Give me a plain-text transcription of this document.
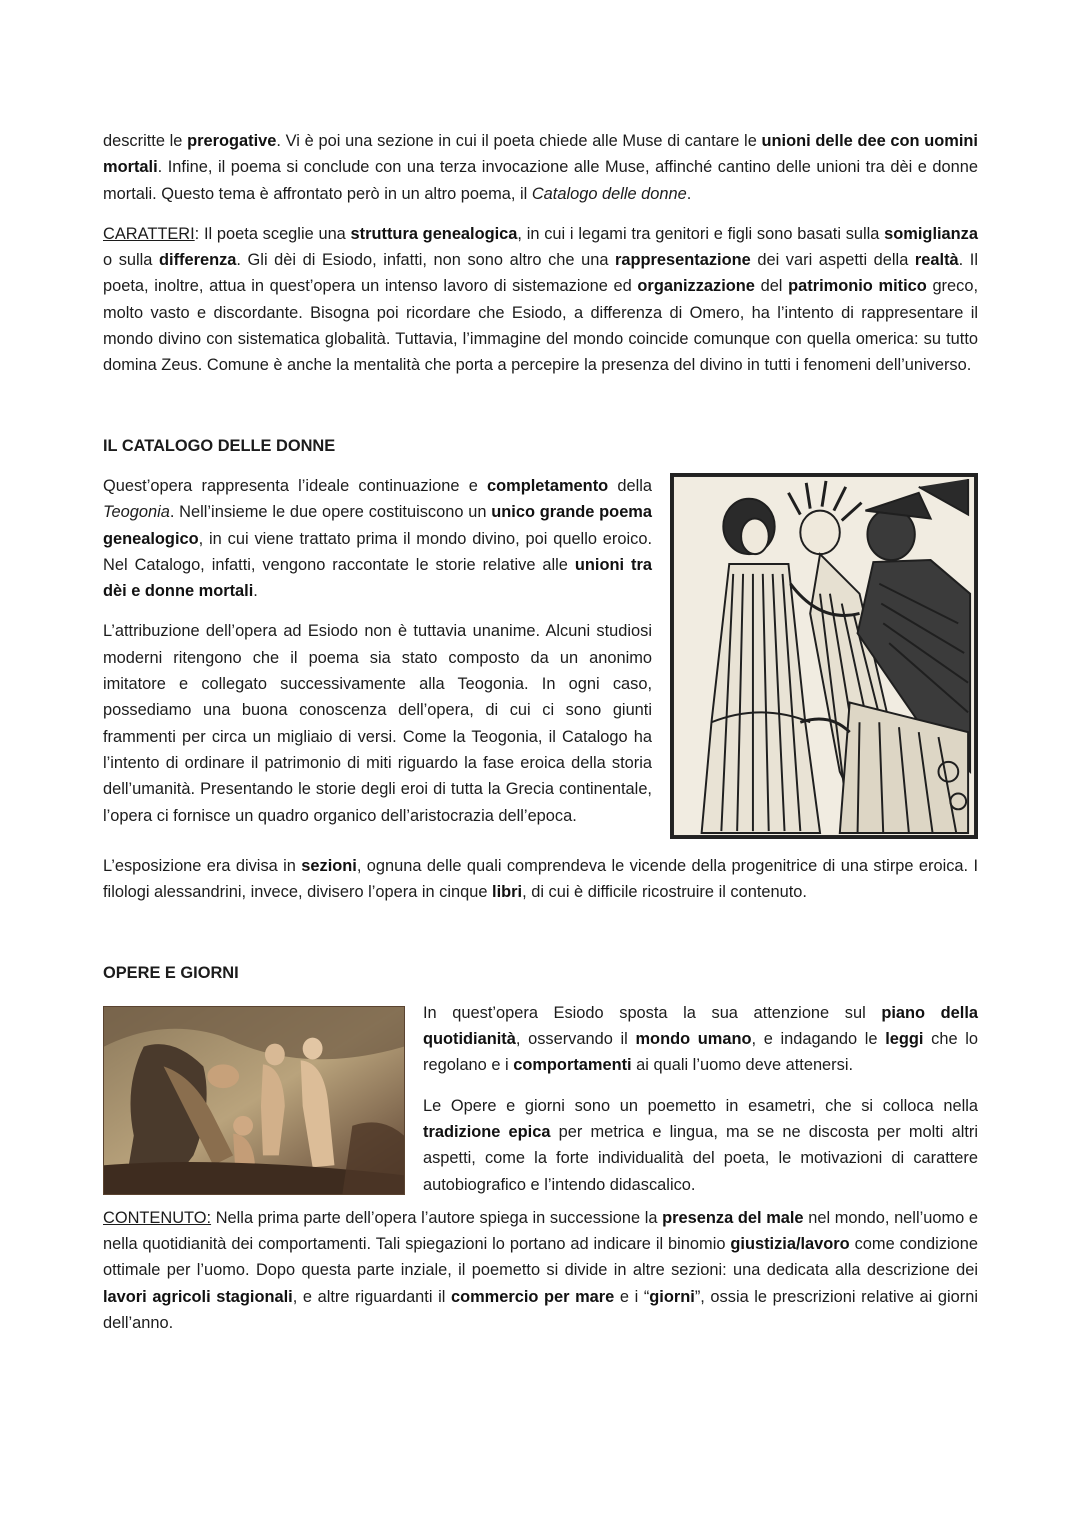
descritte le prerogative. Vi è poi una sezione in cui il poeta chiede alle Muse di cantare le unioni delle dee con uomini mortali. Infine, il poema si conclude con una terza invocazione alle Muse, affinché cantino delle unioni tra dèi e donne mortali. Questo tema è affrontato però in un altro poema, il Catalogo delle donne.

CARATTERI: Il poeta sceglie una struttura genealogica, in cui i legami tra genitori e figli sono basati sulla somiglianza o sulla differenza. Gli dèi di Esiodo, infatti, non sono altro che una rappresentazione dei vari aspetti della realtà. Il poeta, inoltre, attua in quest’opera un intenso lavoro di sistemazione ed organizzazione del patrimonio mitico greco, molto vasto e discordante. Bisogna poi ricordare che Esiodo, a differenza di Omero, ha l’intento di rappresentare il mondo divino con sistematica globalità. Tuttavia, l’immagine del mondo coincide comunque con quella omerica: su tutto domina Zeus. Comune è anche la mentalità che porta a percepire la presenza del divino in tutti i fenomeni dell’universo.

IL CATALOGO DELLE DONNE

Quest’opera rappresenta l’ideale continuazione e completamento della Teogonia. Nell’insieme le due opere costituiscono un unico grande poema genealogico, in cui viene trattato prima il mondo divino, poi quello eroico. Nel Catalogo, infatti, vengono raccontate le storie relative alle unioni tra dèi e donne mortali.

L’attribuzione dell’opera ad Esiodo non è tuttavia unanime. Alcuni studiosi moderni ritengono che il poema sia stato composto da un anonimo imitatore e collegato successivamente alla Teogonia. In ogni caso, possediamo una buona conoscenza dell’opera, di cui ci sono giunti frammenti per circa un migliaio di versi. Come la Teogonia, il Catalogo ha l’intento di ordinare il patrimonio di miti riguardo la fase eroica della storia dell’umanità. Presentando le storie degli eroi di tutta la Grecia continentale, l’opera ci fornisce un quadro organico dell’aristocrazia dell’epoca.

L’esposizione era divisa in sezioni, ognuna delle quali comprendeva le vicende della progenitrice di una stirpe eroica. I filologi alessandrini, invece, divisero l’opera in cinque libri, di cui è difficile ricostruire il contenuto.

OPERE E GIORNI

In quest’opera Esiodo sposta la sua attenzione sul piano della quotidianità, osservando il mondo umano, e indagando le leggi che lo regolano e i comportamenti ai quali l’uomo deve attenersi.

Le Opere e giorni sono un poemetto in esametri, che si colloca nella tradizione epica per metrica e lingua, ma se ne discosta per molti altri aspetti, come la forte individualità del poeta, le motivazioni di carattere autobiografico e l’intendo didascalico.

CONTENUTO: Nella prima parte dell’opera l’autore spiega in successione la presenza del male nel mondo, nell’uomo e nella quotidianità dei comportamenti. Tali spiegazioni lo portano ad indicare il binomio giustizia/lavoro come condizione ottimale per l’uomo. Dopo questa parte inziale, il poemetto si divide in altre sezioni: una dedicata alla descrizione dei lavori agricoli stagionali, e altre riguardanti il commercio per mare e i “giorni”, ossia le prescrizioni relative ai giorni dell’anno.
